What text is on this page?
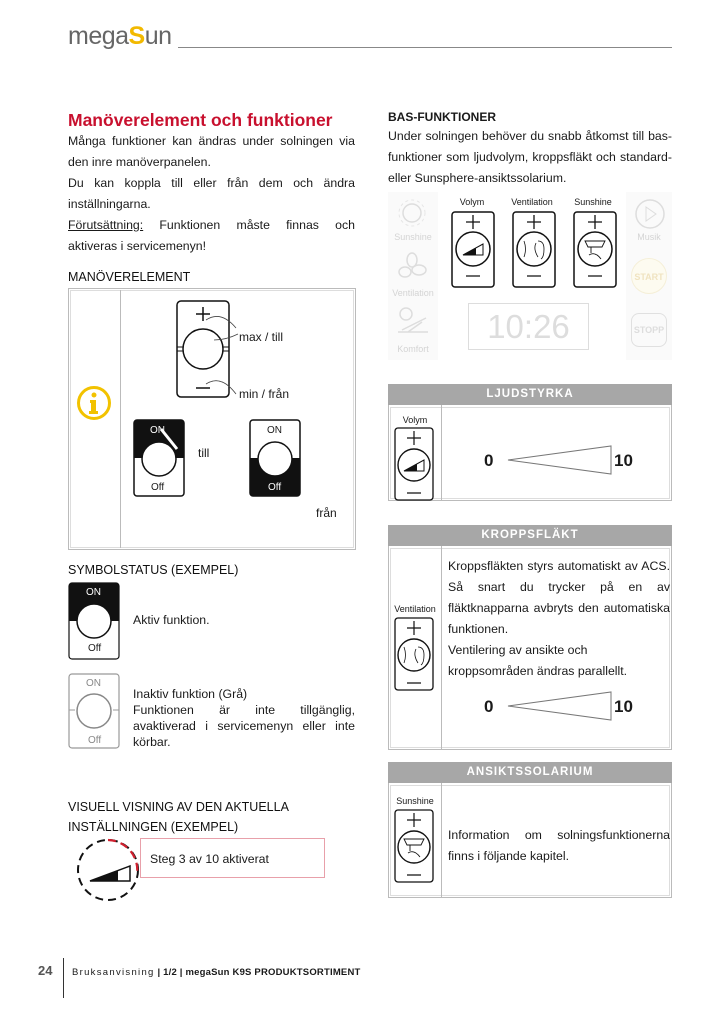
megaSun
Manöverelement och funktioner
Många funktioner kan ändras under solningen via den inre manöverpanelen.
Du kan koppla till eller från dem och ändra inställningarna.
Förutsättning: Funktionen måste finnas och aktiveras i servicemenyn!
MANÖVERELEMENT
max / till
min / från
ON
Off
till
ON
Off
från
SYMBOLSTATUS (EXEMPEL)
ON
Off
Aktiv funktion.
ON
Off
Inaktiv funktion (Grå)
Funktionen är inte tillgänglig, avaktiverad i servicemenyn eller inte körbar.
VISUELL VISNING AV DEN AKTUELLA
INSTÄLLNINGEN (EXEMPEL)
Steg 3 av 10 aktiverat
BAS-FUNKTIONER
Under solningen behöver du snabb åtkomst till bas-funktioner som ljudvolym, kroppsfläkt och standard- eller Sunsphere-ansiktssolarium.
Sunshine
Ventilation
Komfort
Musik
START
STOPP
10:26
Volym	Ventilation	Sunshine
LJUDSTYRKA
Volym
0	10
KROPPSFLÄKT
Ventilation
Kroppsfläkten styrs automatiskt av ACS. Så snart du trycker på en av fläktknapparna avbryts den automatiska funktionen.
Ventilering av ansikte och kroppsområden ändras parallellt.
0	10
ANSIKTSSOLARIUM
Sunshine
Information om solningsfunktionerna finns i följande kapitel.
24 Bruksanvisning | 1/2 | megaSun K9S PRODUKTSORTIMENT
